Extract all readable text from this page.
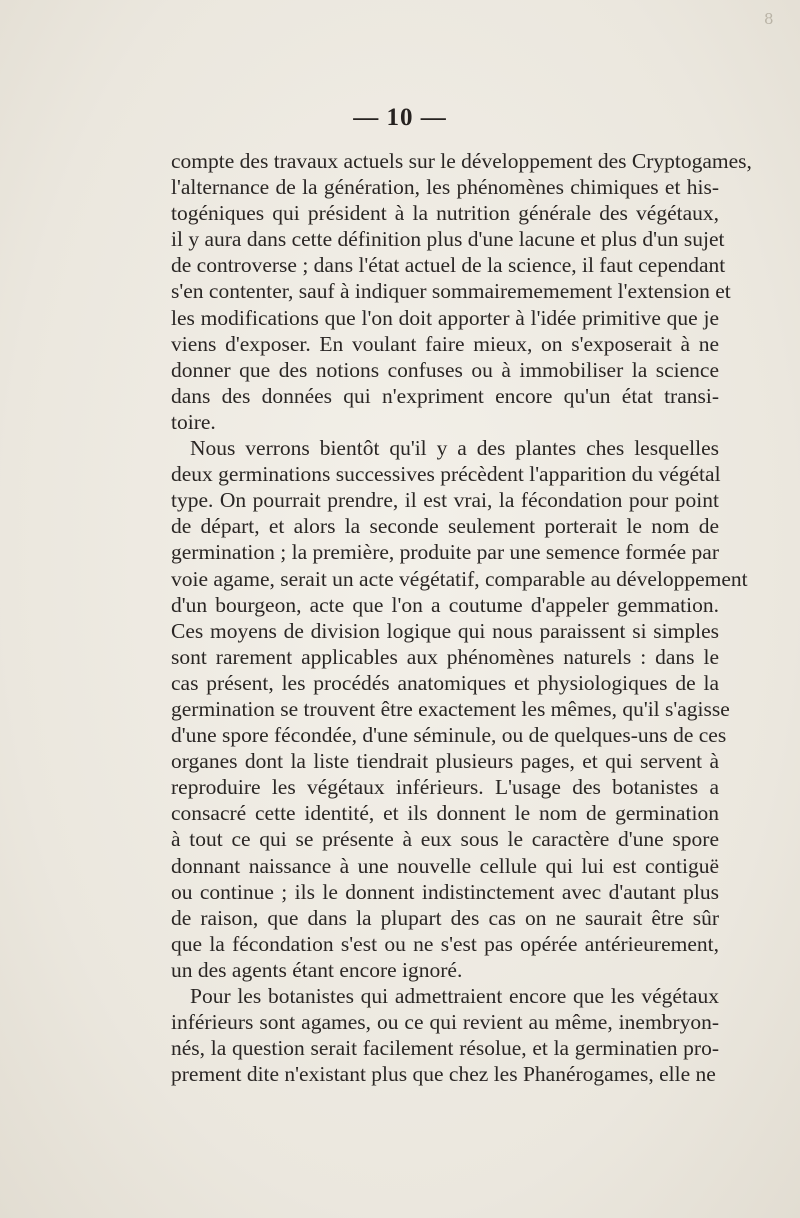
8
— 10 —
compte des travaux actuels sur le développement des Cryptogames,
l'alternance de la génération, les phénomènes chimiques et his-
togéniques qui président à la nutrition générale des végétaux,
il y aura dans cette définition plus d'une lacune et plus d'un sujet
de controverse ; dans l'état actuel de la science, il faut cependant
s'en contenter, sauf à indiquer sommairememement l'extension et
les modifications que l'on doit apporter à l'idée primitive que je
viens d'exposer. En voulant faire mieux, on s'exposerait à ne
donner que des notions confuses ou à immobiliser la science
dans des données qui n'expriment encore qu'un état transi-
toire.
Nous verrons bientôt qu'il y a des plantes ches lesquelles
deux germinations successives précèdent l'apparition du végétal
type. On pourrait prendre, il est vrai, la fécondation pour point
de départ, et alors la seconde seulement porterait le nom de
germination ; la première, produite par une semence formée par
voie agame, serait un acte végétatif, comparable au développement
d'un bourgeon, acte que l'on a coutume d'appeler gemmation.
Ces moyens de division logique qui nous paraissent si simples
sont rarement applicables aux phénomènes naturels : dans le
cas présent, les procédés anatomiques et physiologiques de la
germination se trouvent être exactement les mêmes, qu'il s'agisse
d'une spore fécondée, d'une séminule, ou de quelques-uns de ces
organes dont la liste tiendrait plusieurs pages, et qui servent à
reproduire les végétaux inférieurs. L'usage des botanistes a
consacré cette identité, et ils donnent le nom de germination
à tout ce qui se présente à eux sous le caractère d'une spore
donnant naissance à une nouvelle cellule qui lui est contiguë
ou continue ; ils le donnent indistinctement avec d'autant plus
de raison, que dans la plupart des cas on ne saurait être sûr
que la fécondation s'est ou ne s'est pas opérée antérieurement,
un des agents étant encore ignoré.
Pour les botanistes qui admettraient encore que les végétaux
inférieurs sont agames, ou ce qui revient au même, inembryon-
nés, la question serait facilement résolue, et la germinatien pro-
prement dite n'existant plus que chez les Phanérogames, elle ne
